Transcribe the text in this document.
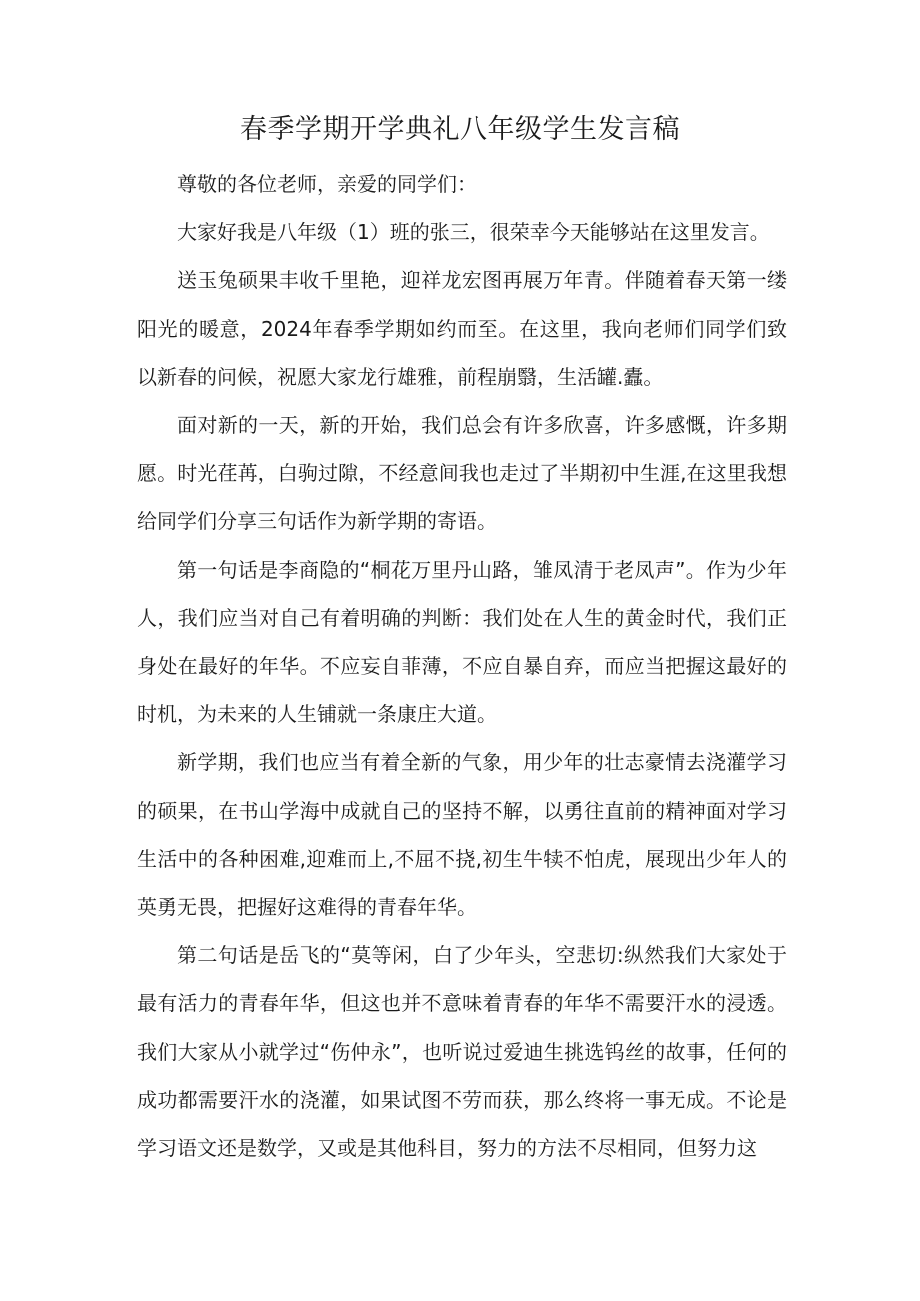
春季学期开学典礼八年级学生发言稿

尊敬的各位老师，亲爱的同学们：

大家好我是八年级（1）班的张三，很荣幸今天能够站在这里发言。

送玉兔硕果丰收千里艳，迎祥龙宏图再展万年青。伴随着春天第一缕阳光的暖意，2024年春季学期如约而至。在这里，我向老师们同学们致以新春的问候，祝愿大家龙行雄雅，前程崩翳，生活罐.蠹。

面对新的一天，新的开始，我们总会有许多欣喜，许多感慨，许多期愿。时光荏苒，白驹过隙，不经意间我也走过了半期初中生涯,在这里我想给同学们分享三句话作为新学期的寄语。

第一句话是李商隐的“桐花万里丹山路，雏凤清于老凤声”。作为少年人，我们应当对自己有着明确的判断：我们处在人生的黄金时代，我们正身处在最好的年华。不应妄自菲薄，不应自暴自弃，而应当把握这最好的时机，为未来的人生铺就一条康庄大道。

新学期，我们也应当有着全新的气象，用少年的壮志豪情去浇灌学习的硕果，在书山学海中成就自己的坚持不解，以勇往直前的精神面对学习生活中的各种困难,迎难而上,不屈不挠,初生牛犊不怕虎，展现出少年人的英勇无畏，把握好这难得的青春年华。

第二句话是岳飞的“莫等闲，白了少年头，空悲切:纵然我们大家处于最有活力的青春年华，但这也并不意味着青春的年华不需要汗水的浸透。我们大家从小就学过“伤仲永”，也听说过爱迪生挑选钨丝的故事，任何的成功都需要汗水的浇灌，如果试图不劳而获，那么终将一事无成。不论是学习语文还是数学，又或是其他科目，努力的方法不尽相同，但努力这
